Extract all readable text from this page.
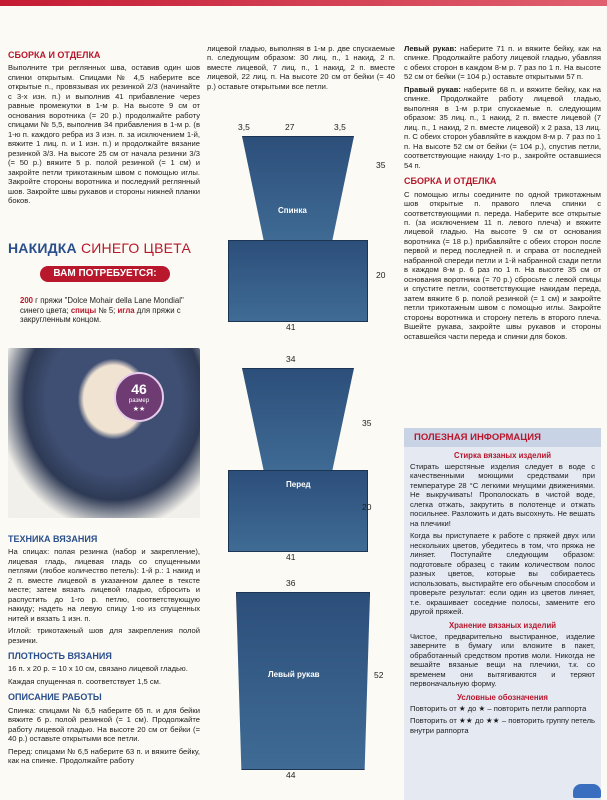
СБОРКА И ОТДЕЛКА

Выполните три реглянных шва, оставив один шов спинки открытым. Спицами № 4,5 наберите все открытые п., провязывая их резинкой 2/3 (начинайте с 3-х изн. п.) и выполнив 41 прибавление через равные промежутки в 1-м р. На высоте 9 см от основания воротника (= 20 р.) продолжайте работу спицами № 5,5, выполнив 34 прибавления в 1-м р. (в 1-ю п. каждого ребра из 3 изн. п. за исключением 1-й, вяжите 1 лиц. п. и 1 изн. п.) и продолжайте вязание резинкой 3/3. На высоте 25 см от начала резинки 3/3 (= 50 р.) вяжите 5 р. полой резинкой (= 1 см) и закройте петли трикотажным швом с помощью иглы. Закройте стороны воротника и последний реглянный шов. Закройте швы рукавов и стороны нижней планки боков.

НАКИДКА СИНЕГО ЦВЕТА
ВАМ ПОТРЕБУЕТСЯ:
200 г пряжи "Dolce Mohair della Lane Mondial" синего цвета; спицы № 5; игла для пряжи с закругленным концом.
46
размер
★★
ТЕХНИКА ВЯЗАНИЯ

На спицах: полая резинка (набор и закрепление), лицевая гладь, лицевая гладь со спущенными петлями (любое количество петель): 1-й р.: 1 накид и 2 п. вместе лицевой в указанном далее в тексте месте; затем вязать лицевой гладью, сбросить и распустить до 1-го р. петлю, соответствующую накиду; надеть на левую спицу 1-ю из спущенных нитей и вязать 1 изн. п.

Иглой: трикотажный шов для закрепления полой резинки.

ПЛОТНОСТЬ ВЯЗАНИЯ

16 п. х 20 р. = 10 х 10 см, связано лицевой гладью.

Каждая спущенная п. соответствует 1,5 см.

ОПИСАНИЕ РАБОТЫ

Спинка: спицами № 6,5 наберите 65 п. и для бейки вяжите 6 р. полой резинкой (= 1 см). Продолжайте работу лицевой гладью. На высоте 20 см от бейки (= 40 р.) оставьте открытыми все петли.

Перед: спицами № 6,5 наберите 63 п. и вяжите бейку, как на спинке. Продолжайте работу

лицевой гладью, выполняя в 1-м р. две спускаемые п. следующим образом: 30 лиц. п., 1 накид, 2 п. вместе лицевой, 7 лиц. п., 1 накид, 2 п. вместе лицевой, 22 лиц. п. На высоте 20 см от бейки (= 40 р.) оставьте открытыми все петли.

3,5	27	3,5
Спинка
35
20
41
34
Перед
35
20
41
36
Левый рукав	52
44

Левый рукав: наберите 71 п. и вяжите бейку, как на спинке. Продолжайте работу лицевой гладью, убавляя с обеих сторон в каждом 8-м р. 7 раз по 1 п. На высоте 52 см от бейки (= 104 р.) оставьте открытыми 57 п.

Правый рукав: наберите 68 п. и вяжите бейку, как на спинке. Продолжайте работу лицевой гладью, выполняя в 1-м р.три спускаемые п. следующим образом: 35 лиц. п., 1 накид, 2 п. вместе лицевой (7 лиц. п., 1 накид, 2 п. вместе лицевой) х 2 раза, 13 лиц. п. С обеих сторон убавляйте в каждом 8-м р. 7 раз по 1 п. На высоте 52 см от бейки (= 104 р.), спустив петли, соответствующие накиду 1-го р., закройте оставшиеся 54 п.

СБОРКА И ОТДЕЛКА

С помощью иглы соедините по одной трикотажным шов открытые п. правого плеча спинки с соответствующими п. переда. Наберите все открытые п. (за исключением 11 п. левого плеча) и вяжите лицевой гладью. На высоте 9 см от основания воротника (= 18 р.) прибавляйте с обеих сторон после первой и перед последней п. и справа от последней набранной спереди петли и 1-й набранной сзади петли в каждом 8-м р. 6 раз по 1 п. На высоте 35 см от основания воротника (= 70 р.) сбросьте с левой спицы и спустите петли, соответствующие накидам переда, затем вяжите 6 р. полой резинкой (= 1 см) и закройте петли трикотажным швом с помощью иглы. Закройте стороны воротника и сторону петель в второго плеча. Вшейте рукава, закройте швы рукавов и стороны оставшейся части переда и спинки для боков.

ПОЛЕЗНАЯ ИНФОРМАЦИЯ
Стирка вязаных изделий

Стирать шерстяные изделия следует в воде с качественными моющими средствами при температуре 28 °С легкими мнущими движениями. Не выкручивать! Прополоскать в чистой воде, слегка отжать, закрутить в полотенце и отжать посильнее. Разложить и дать высохнуть. Не вешать на плечики!

Когда вы приступаете к работе с пряжей двух или нескольких цветов, убедитесь в том, что пряжа не линяет. Поступайте следующим образом: подготовьте образец с таким количеством полос разных цветов, которые вы собираетесь использовать, выстирайте его обычным способом и проверьте результат: если один из цветов линяет, т.е. окрашивает соседние полосы, замените его другой пряжей.

Хранение вязаных изделий

Чистое, предварительно выстиранное, изделие заверните в бумагу или вложите в пакет, обработанный средством против моли. Никогда не вешайте вязаные вещи на плечики, т.к. со временем они вытягиваются и теряют первоначальную форму.

Условные обозначения

Повторить от ★ до ★ – повторить петли раппорта

Повторить от ★★ до ★★ – повторить группу петель внутри раппорта
